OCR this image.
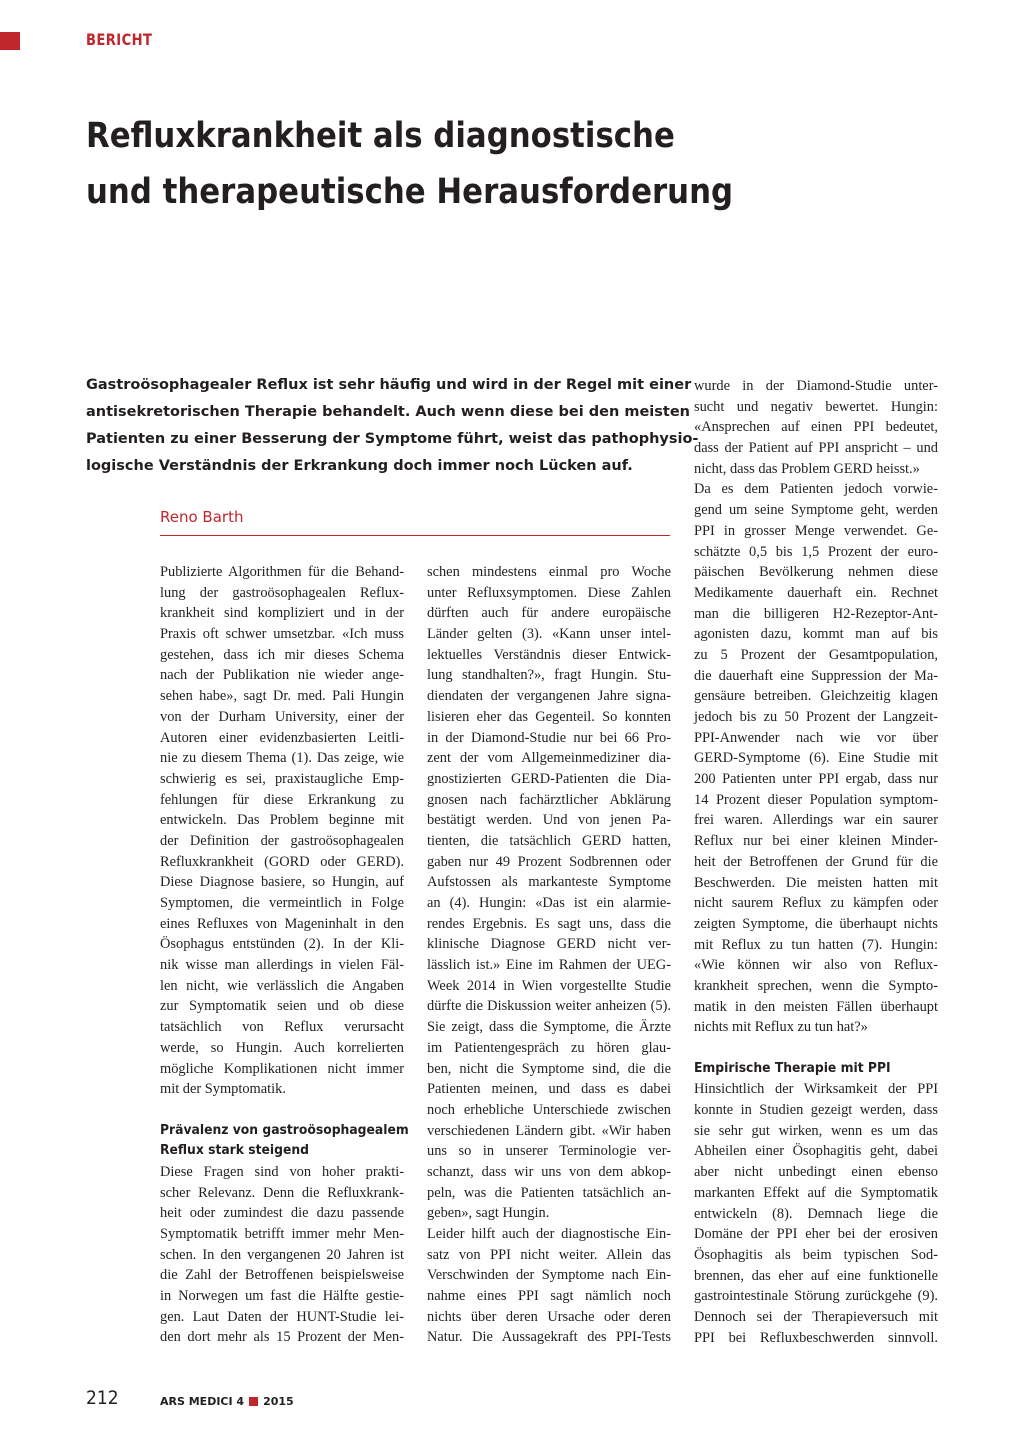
BERICHT
Refluxkrankheit als diagnostische
und therapeutische Herausforderung

Gastroösophagealer Reflux ist sehr häufig und wird in der Regel mit einer
antisekretorischen Therapie behandelt. Auch wenn diese bei den meisten
Patienten zu einer Besserung der Symptome führt, weist das pathophysio-
logische Verständnis der Erkrankung doch immer noch Lücken auf.

Reno Barth

Publizierte Algorithmen für die Behand-
lung der gastroösophagealen Reflux-
krankheit sind kompliziert und in der
Praxis oft schwer umsetzbar. «Ich muss
gestehen, dass ich mir dieses Schema
nach der Publikation nie wieder ange-
sehen habe», sagt Dr. med. Pali Hungin
von der Durham University, einer der
Autoren einer evidenzbasierten Leitli-
nie zu diesem Thema (1). Das zeige, wie
schwierig es sei, praxistaugliche Emp-
fehlungen für diese Erkrankung zu
entwickeln. Das Problem beginne mit
der Definition der gastroösophagealen
Refluxkrankheit (GORD oder GERD).
Diese Diagnose basiere, so Hungin, auf
Symptomen, die vermeintlich in Folge
eines Refluxes von Mageninhalt in den
Ösophagus entstünden (2). In der Kli-
nik wisse man allerdings in vielen Fäl-
len nicht, wie verlässlich die Angaben
zur Symptomatik seien und ob diese
tatsächlich von Reflux verursacht
werde, so Hungin. Auch korrelierten
mögliche Komplikationen nicht immer
mit der Symptomatik.
Prävalenz von gastroösophagealem
Reflux stark steigend
Diese Fragen sind von hoher prakti-
scher Relevanz. Denn die Refluxkrank-
heit oder zumindest die dazu passende
Symptomatik betrifft immer mehr Men-
schen. In den vergangenen 20 Jahren ist
die Zahl der Betroffenen beispielsweise
in Norwegen um fast die Hälfte gestie-
gen. Laut Daten der HUNT-Studie lei-
den dort mehr als 15 Prozent der Men-
schen mindestens einmal pro Woche
unter Refluxsymptomen. Diese Zahlen
dürften auch für andere europäische
Länder gelten (3). «Kann unser intel-
lektuelles Verständnis dieser Entwick-
lung standhalten?», fragt Hungin. Stu-
diendaten der vergangenen Jahre signa-
lisieren eher das Gegenteil. So konnten
in der Diamond-Studie nur bei 66 Pro-
zent der vom Allgemeinmediziner dia-
gnostizierten GERD-Patienten die Dia-
gnosen nach fachärztlicher Abklärung
bestätigt werden. Und von jenen Pa-
tienten, die tatsächlich GERD hatten,
gaben nur 49 Prozent Sodbrennen oder
Aufstossen als markanteste Symptome
an (4). Hungin: «Das ist ein alarmie-
rendes Ergebnis. Es sagt uns, dass die
klinische Diagnose GERD nicht ver-
lässlich ist.» Eine im Rahmen der UEG-
Week 2014 in Wien vorgestellte Studie
dürfte die Diskussion weiter anheizen (5).
Sie zeigt, dass die Symptome, die Ärzte
im Patientengespräch zu hören glau-
ben, nicht die Symptome sind, die die
Patienten meinen, und dass es dabei
noch erhebliche Unterschiede zwischen
verschiedenen Ländern gibt. «Wir haben
uns so in unserer Terminologie ver-
schanzt, dass wir uns von dem abkop-
peln, was die Patienten tatsächlich an-
geben», sagt Hungin.
Leider hilft auch der diagnostische Ein-
satz von PPI nicht weiter. Allein das
Verschwinden der Symptome nach Ein-
nahme eines PPI sagt nämlich noch
nichts über deren Ursache oder deren
Natur. Die Aussagekraft des PPI-Tests
wurde in der Diamond-Studie unter-
sucht und negativ bewertet. Hungin:
«Ansprechen auf einen PPI bedeutet,
dass der Patient auf PPI anspricht – und
nicht, dass das Problem GERD heisst.»
Da es dem Patienten jedoch vorwie-
gend um seine Symptome geht, werden
PPI in grosser Menge verwendet. Ge-
schätzte 0,5 bis 1,5 Prozent der euro-
päischen Bevölkerung nehmen diese
Medikamente dauerhaft ein. Rechnet
man die billigeren H2-Rezeptor-Ant-
agonisten dazu, kommt man auf bis
zu 5 Prozent der Gesamtpopulation,
die dauerhaft eine Suppression der Ma-
gensäure betreiben. Gleichzeitig klagen
jedoch bis zu 50 Prozent der Langzeit-
PPI-Anwender nach wie vor über
GERD-Symptome (6). Eine Studie mit
200 Patienten unter PPI ergab, dass nur
14 Prozent dieser Population symptom-
frei waren. Allerdings war ein saurer
Reflux nur bei einer kleinen Minder-
heit der Betroffenen der Grund für die
Beschwerden. Die meisten hatten mit
nicht saurem Reflux zu kämpfen oder
zeigten Symptome, die überhaupt nichts
mit Reflux zu tun hatten (7). Hungin:
«Wie können wir also von Reflux-
krankheit sprechen, wenn die Sympto-
matik in den meisten Fällen überhaupt
nichts mit Reflux zu tun hat?»
Empirische Therapie mit PPI
Hinsichtlich der Wirksamkeit der PPI
konnte in Studien gezeigt werden, dass
sie sehr gut wirken, wenn es um das
Abheilen einer Ösophagitis geht, dabei
aber nicht unbedingt einen ebenso
markanten Effekt auf die Symptomatik
entwickeln (8). Demnach liege die
Domäne der PPI eher bei der erosiven
Ösophagitis als beim typischen Sod-
brennen, das eher auf eine funktionelle
gastrointestinale Störung zurückgehe (9).
Dennoch sei der Therapieversuch mit
PPI bei Refluxbeschwerden sinnvoll.
212	ARS MEDICI 4 2015
